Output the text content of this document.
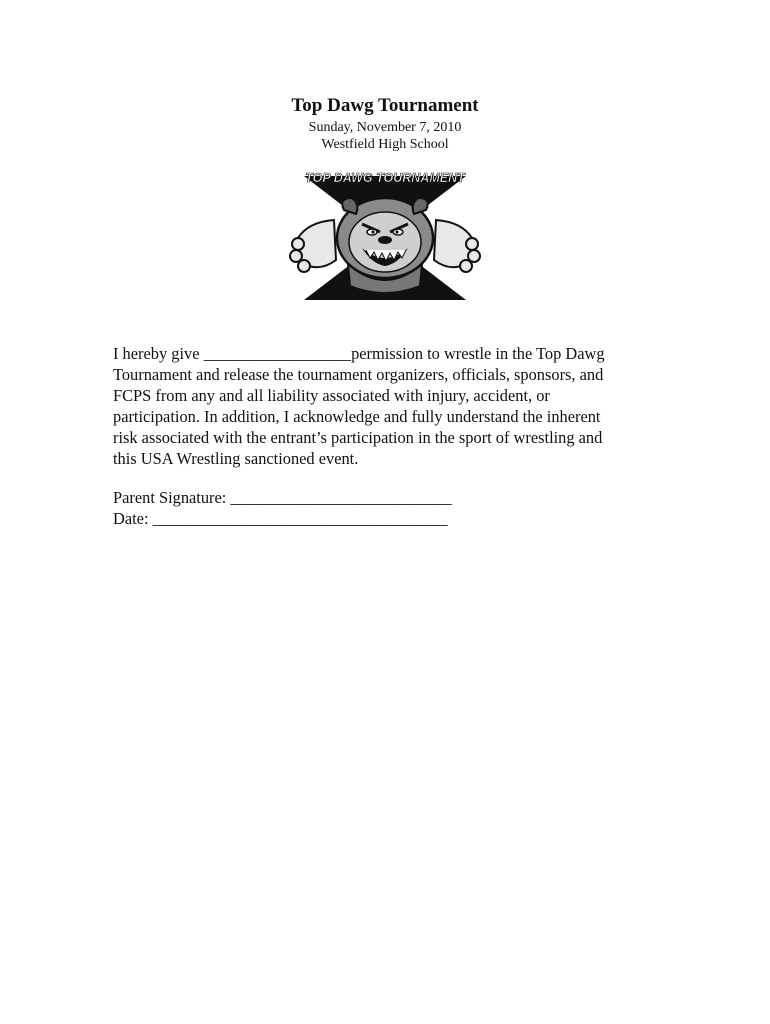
Top Dawg Tournament
Sunday, November 7, 2010
Westfield High School
TOP DAWG TOURNAMENT
I hereby give __________________permission to wrestle in the Top Dawg
Tournament and release the tournament organizers, officials, sponsors, and
FCPS from any and all liability associated with injury, accident, or
participation. In addition, I acknowledge and fully understand the inherent
risk associated with the entrant’s participation in the sport of wrestling and
this USA Wrestling sanctioned event.
Parent Signature: ___________________________
Date: ____________________________________
